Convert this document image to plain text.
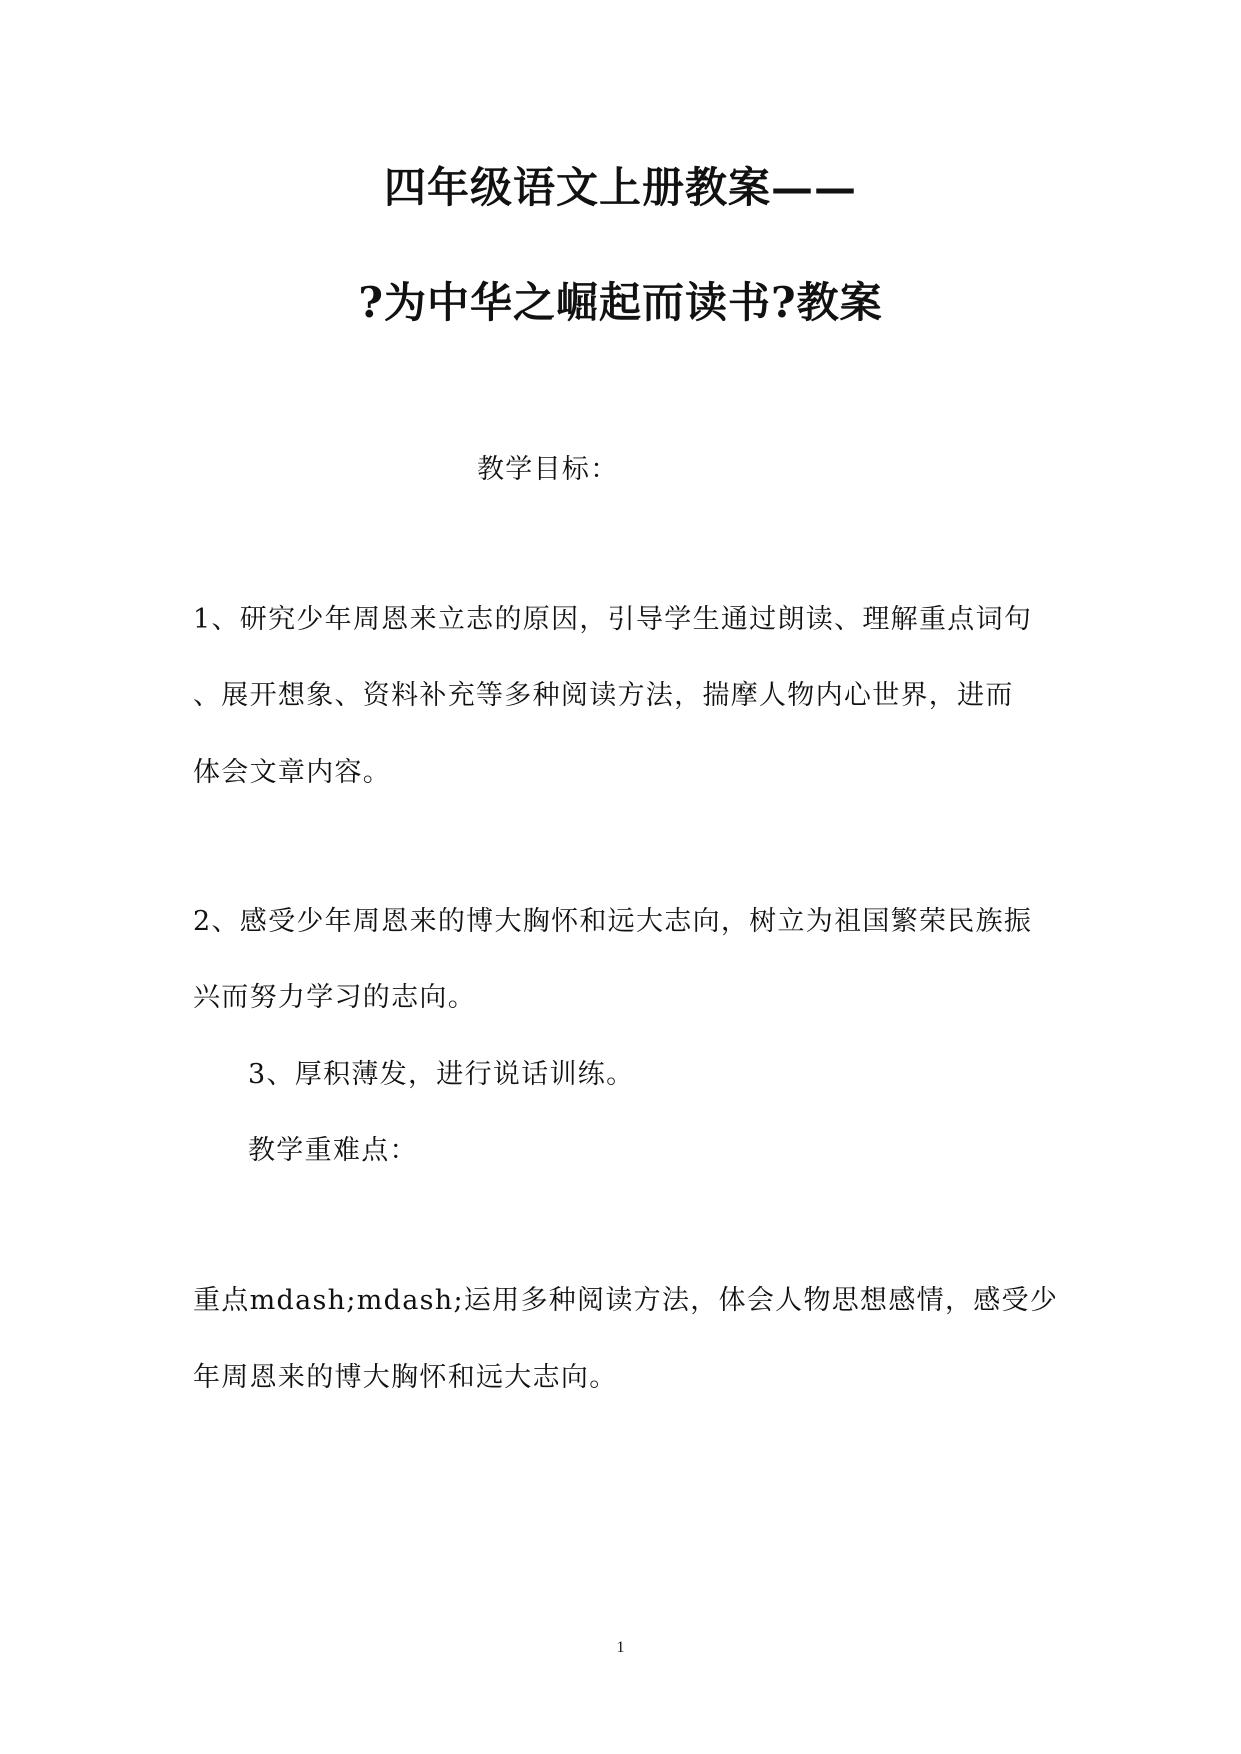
四年级语文上册教案——
?为中华之崛起而读书?教案
教学目标：
1、研究少年周恩来立志的原因，引导学生通过朗读、理解重点词句
、展开想象、资料补充等多种阅读方法，揣摩人物内心世界，进而
体会文章内容。
2、感受少年周恩来的博大胸怀和远大志向，树立为祖国繁荣民族振
兴而努力学习的志向。
3、厚积薄发，进行说话训练。
教学重难点：
重点mdash;mdash;运用多种阅读方法，体会人物思想感情，感受少
年周恩来的博大胸怀和远大志向。
1
